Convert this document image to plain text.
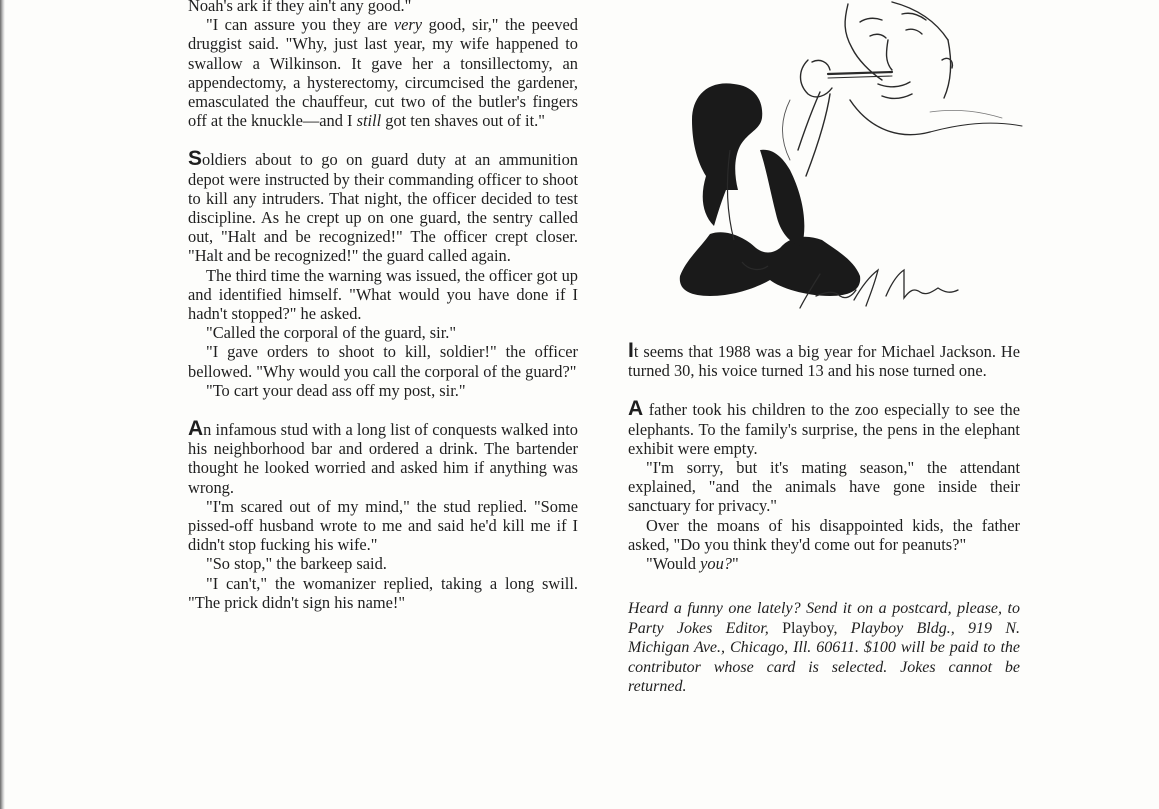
Noah's ark if they ain't any good."

"I can assure you they are very good, sir," the peeved druggist said. "Why, just last year, my wife happened to swallow a Wilkinson. It gave her a tonsillectomy, an appendectomy, a hysterectomy, circumcised the gardener, emasculated the chauffeur, cut two of the butler's fingers off at the knuckle—and I still got ten shaves out of it."

Soldiers about to go on guard duty at an ammunition depot were instructed by their commanding officer to shoot to kill any intruders. That night, the officer decided to test discipline. As he crept up on one guard, the sentry called out, "Halt and be recognized!" The officer crept closer. "Halt and be recognized!" the guard called again.

The third time the warning was issued, the officer got up and identified himself. "What would you have done if I hadn't stopped?" he asked.

"Called the corporal of the guard, sir."

"I gave orders to shoot to kill, soldier!" the officer bellowed. "Why would you call the corporal of the guard?"

"To cart your dead ass off my post, sir."

An infamous stud with a long list of conquests walked into his neighborhood bar and ordered a drink. The bartender thought he looked worried and asked him if anything was wrong.

"I'm scared out of my mind," the stud replied. "Some pissed-off husband wrote to me and said he'd kill me if I didn't stop fucking his wife."

"So stop," the barkeep said.

"I can't," the womanizer replied, taking a long swill. "The prick didn't sign his name!"

It seems that 1988 was a big year for Michael Jackson. He turned 30, his voice turned 13 and his nose turned one.

A father took his children to the zoo especially to see the elephants. To the family's surprise, the pens in the elephant exhibit were empty.

"I'm sorry, but it's mating season," the attendant explained, "and the animals have gone inside their sanctuary for privacy."

Over the moans of his disappointed kids, the father asked, "Do you think they'd come out for peanuts?"

"Would you?"

Heard a funny one lately? Send it on a postcard, please, to Party Jokes Editor, Playboy, Playboy Bldg., 919 N. Michigan Ave., Chicago, Ill. 60611. $100 will be paid to the contributor whose card is selected. Jokes cannot be returned.
